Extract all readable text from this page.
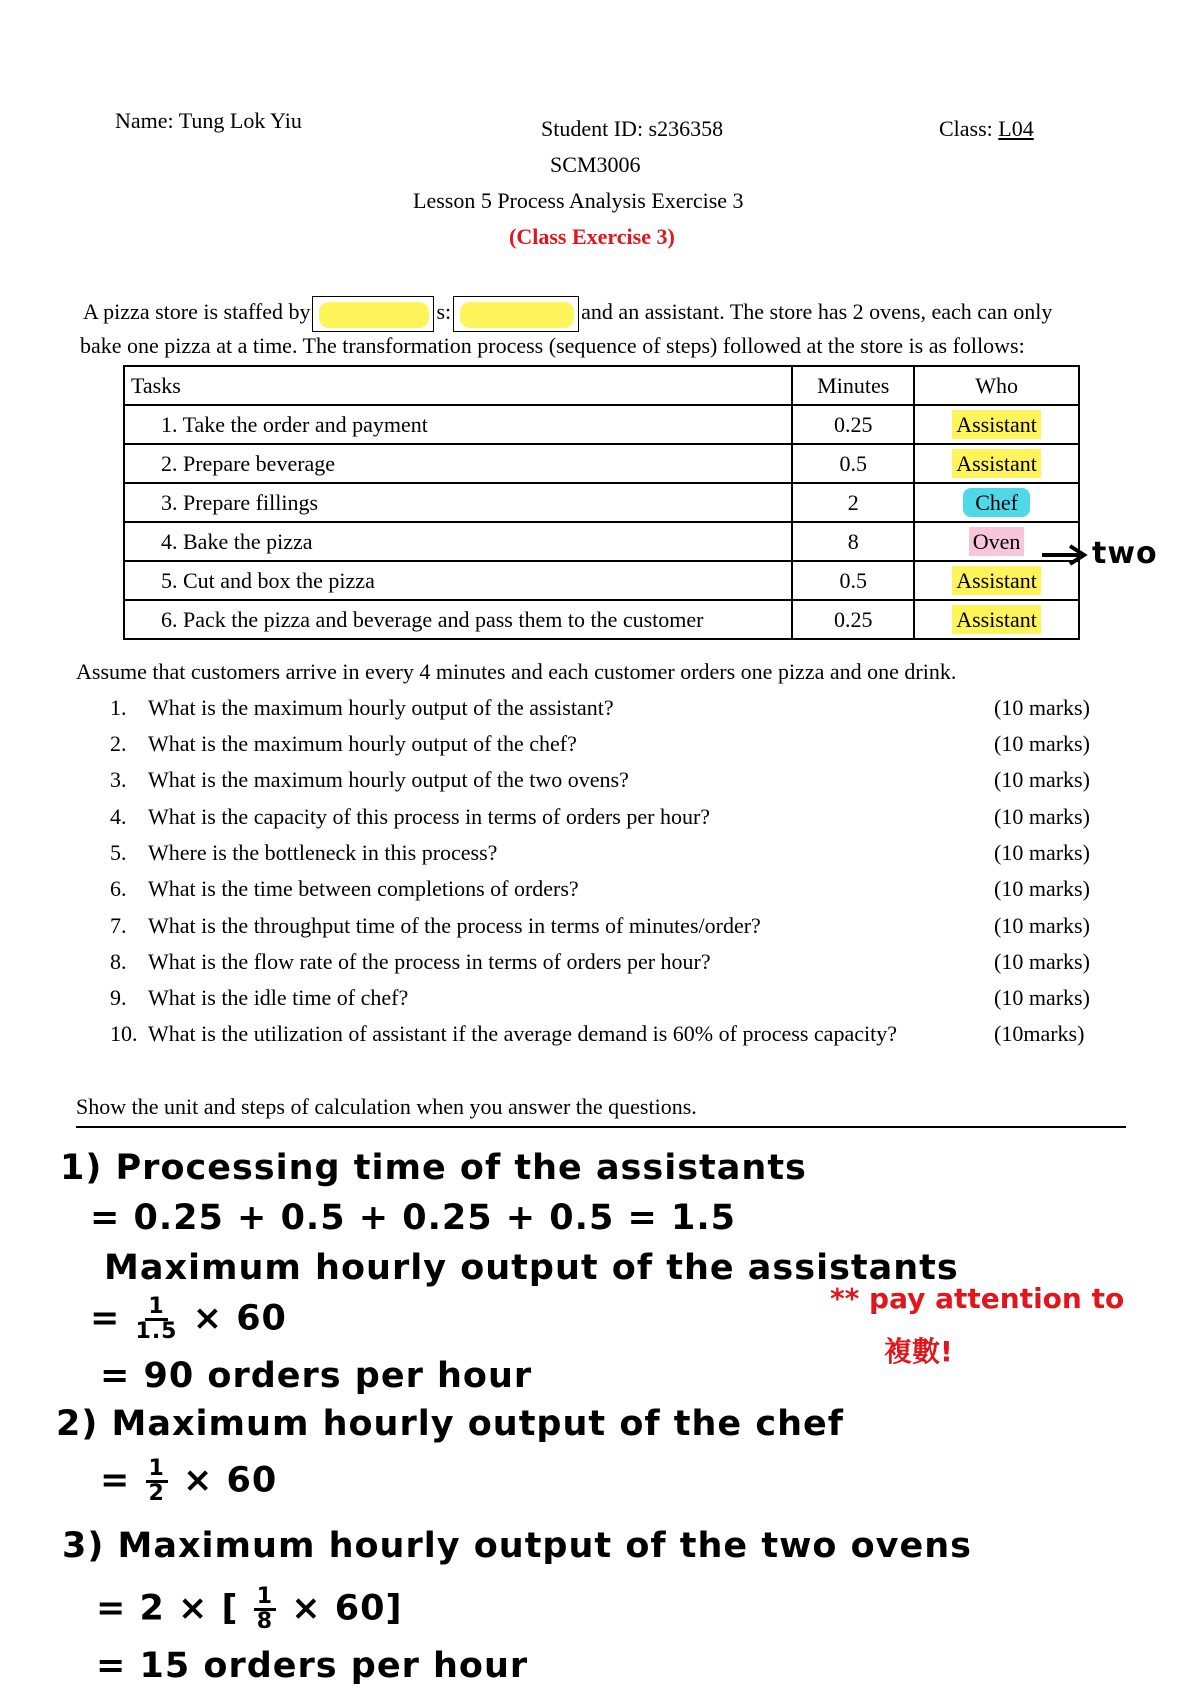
Name: Tung Lok Yiu	Student ID: s236358	Class: L04
SCM3006
Lesson 5 Process Analysis Exercise 3
(Class Exercise 3)
A pizza store is staffed by	s:	and an assistant. The store has 2 ovens, each can only
bake one pizza at a time. The transformation process (sequence of steps) followed at the store is as follows:
Tasks	Minutes	Who
1. Take the order and payment	0.25	Assistant
2. Prepare beverage	0.5	Assistant
3. Prepare fillings	2	Chef
4. Bake the pizza	8	Oven
5. Cut and box the pizza	0.5	Assistant
6. Pack the pizza and beverage and pass them to the customer	0.25	Assistant
two
Assume that customers arrive in every 4 minutes and each customer orders one pizza and one drink.
1. What is the maximum hourly output of the assistant?	(10 marks)
2. What is the maximum hourly output of the chef?	(10 marks)
3. What is the maximum hourly output of the two ovens?	(10 marks)
4. What is the capacity of this process in terms of orders per hour?	(10 marks)
5. Where is the bottleneck in this process?	(10 marks)
6. What is the time between completions of orders?	(10 marks)
7. What is the throughput time of the process in terms of minutes/order?	(10 marks)
8. What is the flow rate of the process in terms of orders per hour?	(10 marks)
9. What is the idle time of chef?	(10 marks)
10. What is the utilization of assistant if the average demand is 60% of process capacity?	(10marks)
Show the unit and steps of calculation when you answer the questions.
1) Processing time of the assistants
= 0.25 + 0.5 + 0.25 + 0.5 = 1.5
Maximum hourly output of the assistants
= $\frac{1}{1.5} \times 60$
= 90 orders per hour
2) Maximum hourly output of the chef
= $\frac{1}{2} \times 60$
3) Maximum hourly output of the two ovens
= 2 × [ $\frac{1}{8} \times 60$]
= 15 orders per hour
** pay attention to
複數!
